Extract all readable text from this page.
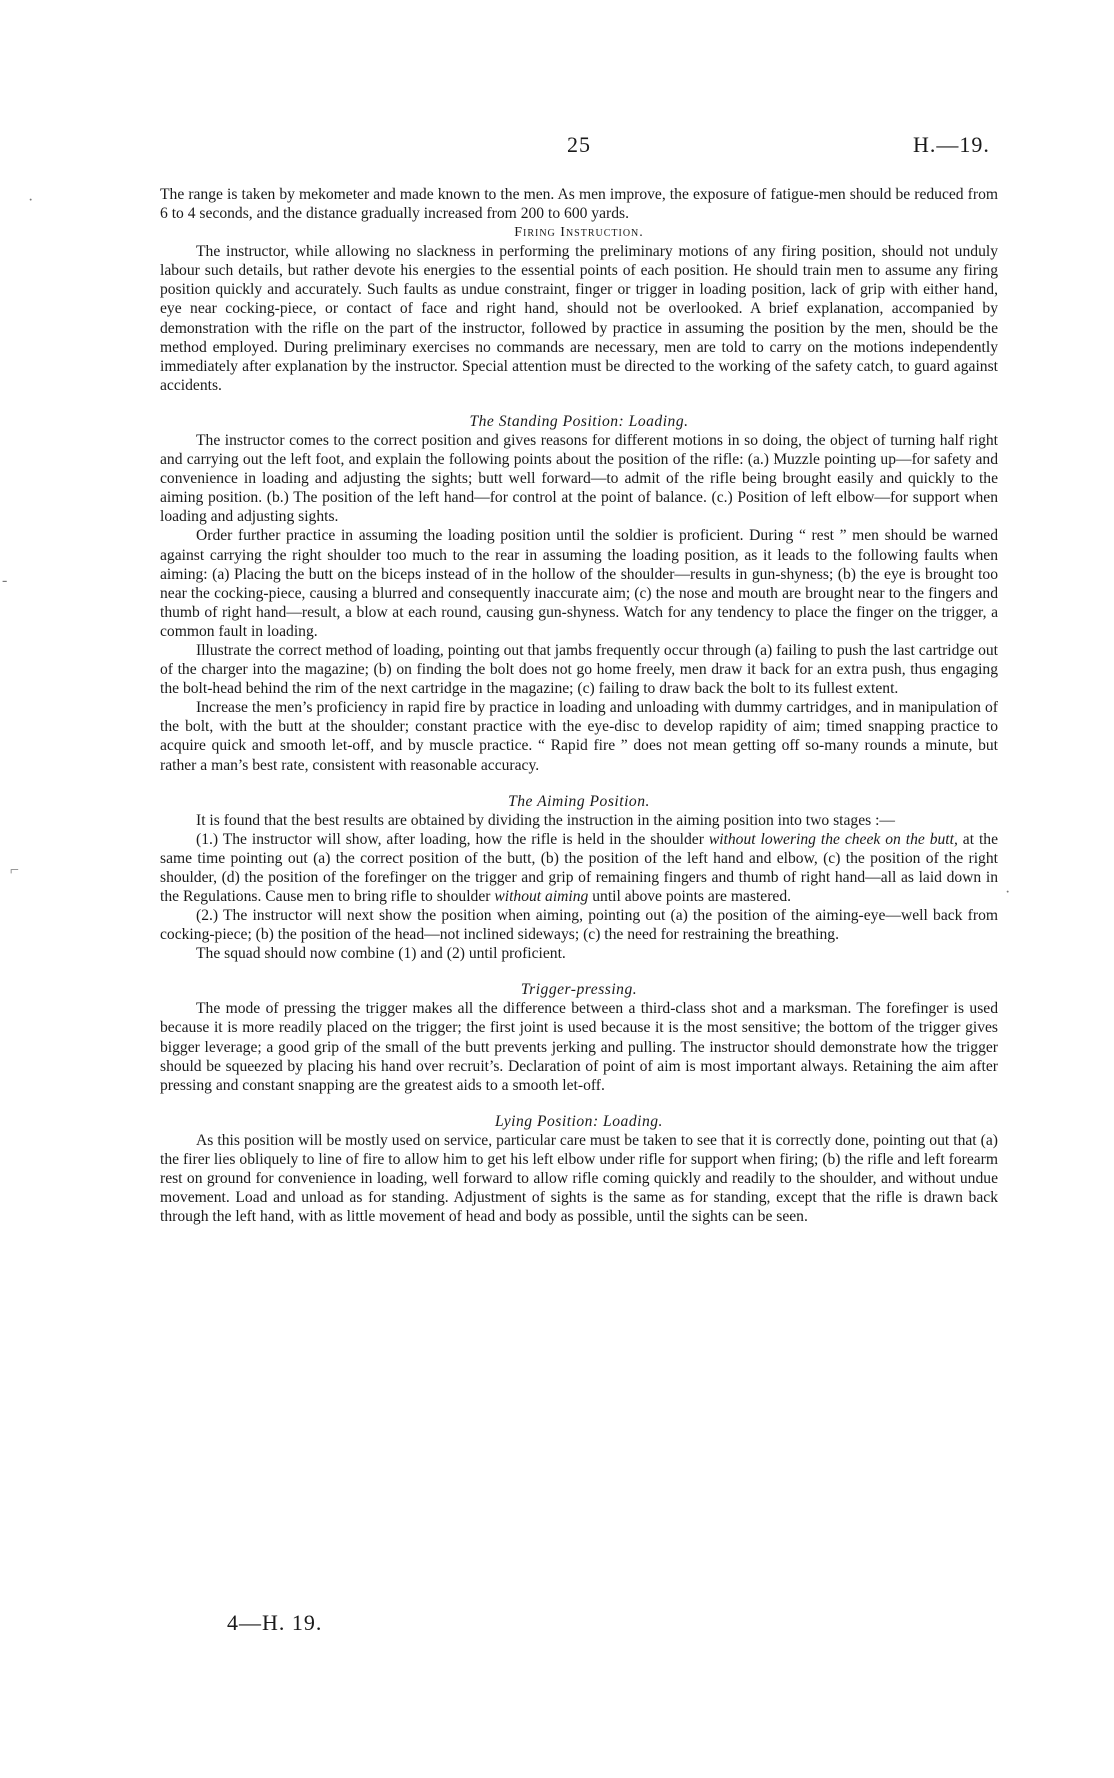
25	H.—19.
·
-
⌐
·

The range is taken by mekometer and made known to the men. As men improve, the exposure of fatigue-men should be reduced from 6 to 4 seconds, and the distance gradually increased from 200 to 600 yards.

Firing Instruction.

The instructor, while allowing no slackness in performing the preliminary motions of any firing position, should not unduly labour such details, but rather devote his energies to the essential points of each position. He should train men to assume any firing position quickly and accurately. Such faults as undue constraint, finger or trigger in loading position, lack of grip with either hand, eye near cocking-piece, or contact of face and right hand, should not be overlooked. A brief explanation, accompanied by demonstration with the rifle on the part of the instructor, followed by practice in assuming the position by the men, should be the method employed. During preliminary exercises no commands are necessary, men are told to carry on the motions independently immediately after explanation by the instructor. Special attention must be directed to the working of the safety catch, to guard against accidents.

The Standing Position: Loading.

The instructor comes to the correct position and gives reasons for different motions in so doing, the object of turning half right and carrying out the left foot, and explain the following points about the position of the rifle: (a.) Muzzle pointing up—for safety and convenience in loading and adjusting the sights; butt well forward—to admit of the rifle being brought easily and quickly to the aiming position. (b.) The position of the left hand—for control at the point of balance. (c.) Position of left elbow—for support when loading and adjusting sights.

Order further practice in assuming the loading position until the soldier is proficient. During “ rest ” men should be warned against carrying the right shoulder too much to the rear in assuming the loading position, as it leads to the following faults when aiming: (a) Placing the butt on the biceps instead of in the hollow of the shoulder—results in gun-shyness; (b) the eye is brought too near the cocking-piece, causing a blurred and consequently inaccurate aim; (c) the nose and mouth are brought near to the fingers and thumb of right hand—result, a blow at each round, causing gun-shyness. Watch for any tendency to place the finger on the trigger, a common fault in loading.

Illustrate the correct method of loading, pointing out that jambs frequently occur through (a) failing to push the last cartridge out of the charger into the magazine; (b) on finding the bolt does not go home freely, men draw it back for an extra push, thus engaging the bolt-head behind the rim of the next cartridge in the magazine; (c) failing to draw back the bolt to its fullest extent.

Increase the men’s proficiency in rapid fire by practice in loading and unloading with dummy cartridges, and in manipulation of the bolt, with the butt at the shoulder; constant practice with the eye-disc to develop rapidity of aim; timed snapping practice to acquire quick and smooth let-off, and by muscle practice. “ Rapid fire ” does not mean getting off so-many rounds a minute, but rather a man’s best rate, consistent with reasonable accuracy.

The Aiming Position.

It is found that the best results are obtained by dividing the instruction in the aiming position into two stages :—

(1.) The instructor will show, after loading, how the rifle is held in the shoulder without lowering the cheek on the butt, at the same time pointing out (a) the correct position of the butt, (b) the position of the left hand and elbow, (c) the position of the right shoulder, (d) the position of the forefinger on the trigger and grip of remaining fingers and thumb of right hand—all as laid down in the Regulations. Cause men to bring rifle to shoulder without aiming until above points are mastered.

(2.) The instructor will next show the position when aiming, pointing out (a) the position of the aiming-eye—well back from cocking-piece; (b) the position of the head—not inclined sideways; (c) the need for restraining the breathing.

The squad should now combine (1) and (2) until proficient.

Trigger-pressing.

The mode of pressing the trigger makes all the difference between a third-class shot and a marksman. The forefinger is used because it is more readily placed on the trigger; the first joint is used because it is the most sensitive; the bottom of the trigger gives bigger leverage; a good grip of the small of the butt prevents jerking and pulling. The instructor should demonstrate how the trigger should be squeezed by placing his hand over recruit’s. Declaration of point of aim is most important always. Retaining the aim after pressing and constant snapping are the greatest aids to a smooth let-off.

Lying Position: Loading.

As this position will be mostly used on service, particular care must be taken to see that it is correctly done, pointing out that (a) the firer lies obliquely to line of fire to allow him to get his left elbow under rifle for support when firing; (b) the rifle and left forearm rest on ground for convenience in loading, well forward to allow rifle coming quickly and readily to the shoulder, and without undue movement. Load and unload as for standing. Adjustment of sights is the same as for standing, except that the rifle is drawn back through the left hand, with as little movement of head and body as possible, until the sights can be seen.

4—H. 19.
